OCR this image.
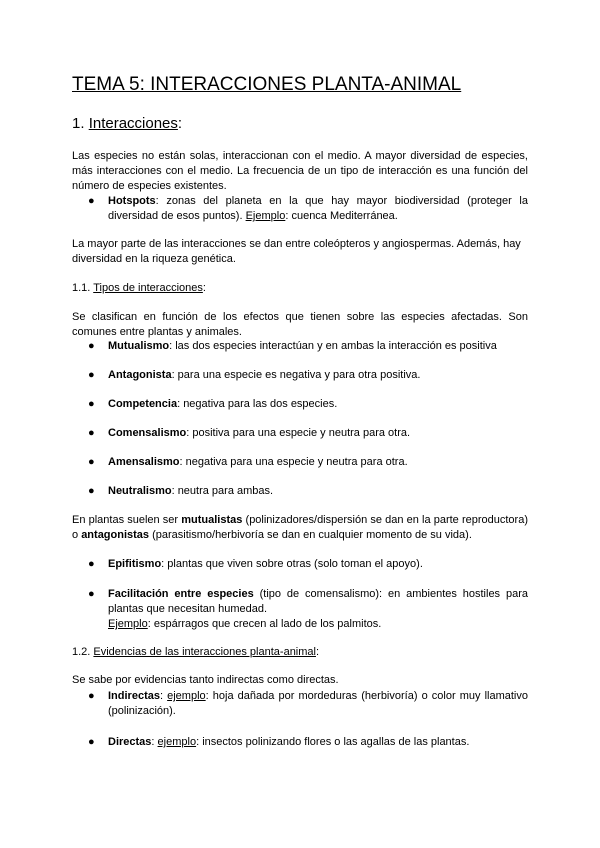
TEMA 5: INTERACCIONES PLANTA-ANIMAL
1. Interacciones:
Las especies no están solas, interaccionan con el medio. A mayor diversidad de especies, más interacciones con el medio. La frecuencia de un tipo de interacción es una función del número de especies existentes.
●	Hotspots: zonas del planeta en la que hay mayor biodiversidad (proteger la diversidad de esos puntos). Ejemplo: cuenca Mediterránea.
La mayor parte de las interacciones se dan entre coleópteros y angiospermas. Además, hay diversidad en la riqueza genética.
1.1. Tipos de interacciones:
Se clasifican en función de los efectos que tienen sobre las especies afectadas. Son comunes entre plantas y animales.
●	Mutualismo: las dos especies interactúan y en ambas la interacción es positiva
●	Antagonista: para una especie es negativa y para otra positiva.
●	Competencia: negativa para las dos especies.
●	Comensalismo: positiva para una especie y neutra para otra.
●	Amensalismo: negativa para una especie y neutra para otra.
●	Neutralismo: neutra para ambas.
En plantas suelen ser mutualistas (polinizadores/dispersión se dan en la parte reproductora) o antagonistas (parasitismo/herbivoría se dan en cualquier momento de su vida).
●	Epifitismo: plantas que viven sobre otras (solo toman el apoyo).
●	Facilitación entre especies (tipo de comensalismo): en ambientes hostiles para plantas que necesitan humedad.
Ejemplo: espárragos que crecen al lado de los palmitos.
1.2. Evidencias de las interacciones planta-animal:
Se sabe por evidencias tanto indirectas como directas.
●	Indirectas: ejemplo: hoja dañada por mordeduras (herbivoría) o color muy llamativo (polinización).
●	Directas: ejemplo: insectos polinizando flores o las agallas de las plantas.
